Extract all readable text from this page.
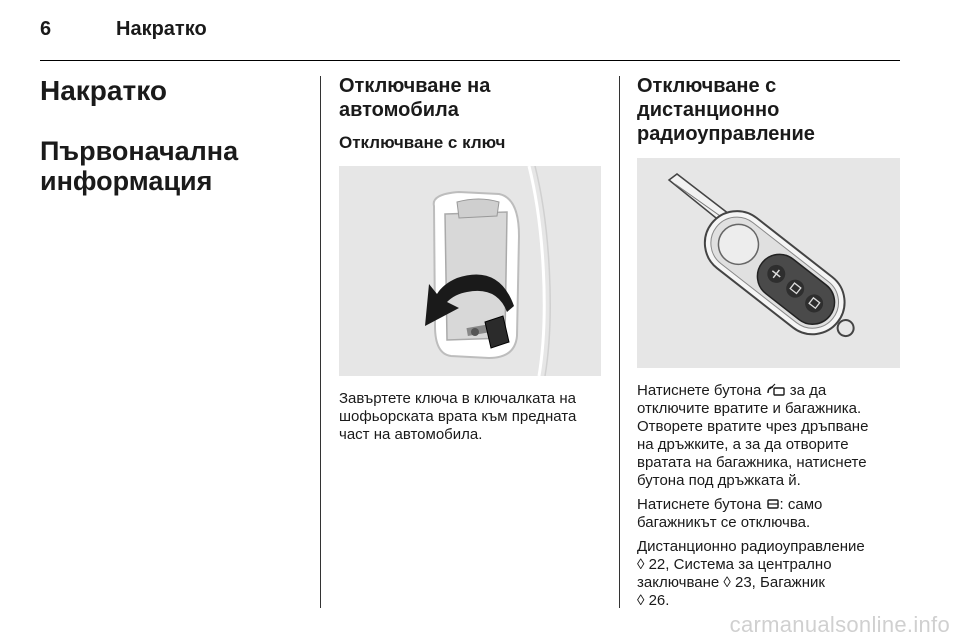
6	Накратко
Накратко
Първоначална
информация
Отключване на
автомобила
Отключване с ключ

Завъртете ключа в ключалката на

шофьорската врата към предната

част на автомобила.

Отключване с дистанционно
радиоуправление

Натиснете бутона за да

отключите вратите и багажника.

Отворете вратите чрез дръпване

на дръжките, а за да отворите

вратата на багажника, натиснете

бутона под дръжката й.

Натиснете бутона : само

багажникът се отключва.

Дистанционно радиоуправление

◊ 22, Система за централно

заключване ◊ 23, Багажник

◊ 26.

carmanualsonline.info
